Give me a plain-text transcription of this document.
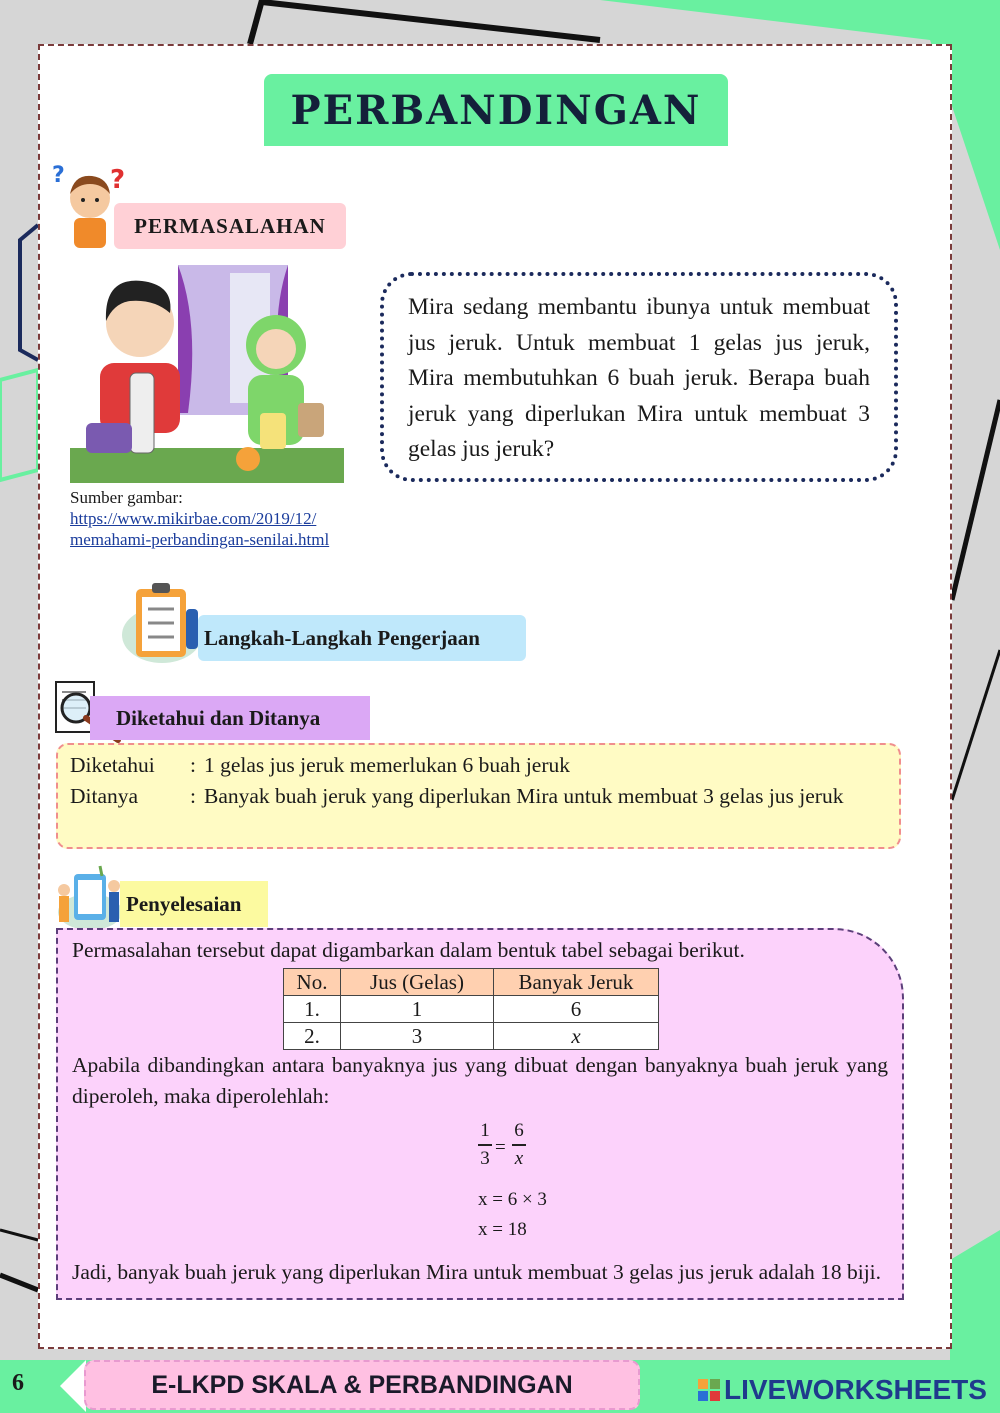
PERBANDINGAN
? ?
PERMASALAHAN
Mira sedang membantu ibunya untuk membuat jus jeruk. Untuk membuat 1 gelas jus jeruk, Mira membutuhkan 6 buah jeruk. Berapa buah jeruk yang diperlukan Mira untuk membuat 3 gelas jus jeruk?
Sumber gambar:
https://www.mikirbae.com/2019/12/
memahami-perbandingan-senilai.html
Langkah-Langkah Pengerjaan
Diketahui dan Ditanya
Diketahui	: 1 gelas jus jeruk memerlukan 6 buah jeruk
Ditanya	: Banyak buah jeruk yang diperlukan Mira untuk membuat 3 gelas jus jeruk
Penyelesaian

Permasalahan tersebut dapat digambarkan dalam bentuk tabel sebagai berikut.

No.	Jus (Gelas)	Banyak Jeruk
1.	1	6
2.	3	x

Apabila dibandingkan antara banyaknya jus yang dibuat dengan banyaknya buah jeruk yang diperoleh, maka diperolehlah:

1
3 =
6
x
x = 6 × 3
x = 18

Jadi, banyak buah jeruk yang diperlukan Mira untuk membuat 3 gelas jus jeruk adalah 18 biji.

6	E-LKPD SKALA & PERBANDINGAN	LIVEWORKSHEETS
